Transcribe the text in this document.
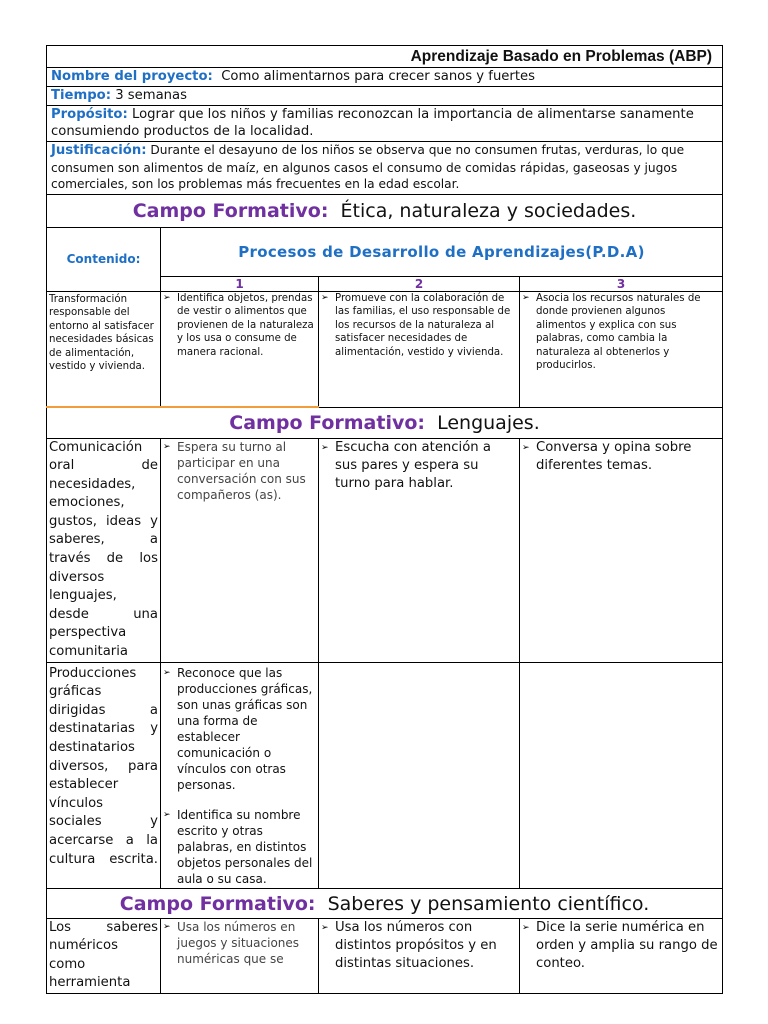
Aprendizaje Basado en Problemas (ABP)			
Nombre del proyecto: Como alimentarnos para crecer sanos y fuertes			
Tiempo: 3 semanas			
Propósito: Lograr que los niños y familias reconozcan la importancia de alimentarse sanamente consumiendo productos de la localidad.			
Justificación: Durante el desayuno de los niños se observa que no consumen frutas, verduras, lo que consumen son alimentos de maíz, en algunos casos el consumo de comidas rápidas, gaseosas y jugos comerciales, son los problemas más frecuentes en la edad escolar.			
Campo Formativo: Ética, naturaleza y sociedades.			
Contenido:	Procesos de Desarrollo de Aprendizajes(P.D.A)		
	1	2	3
Transformación responsable del entorno al satisfacer necesidades básicas de alimentación, vestido y vivienda.	➢ Identifica objetos, prendas de vestir o alimentos que provienen de la naturaleza y los usa o consume de manera racional.	➢ Promueve con la colaboración de las familias, el uso responsable de los recursos de la naturaleza al satisfacer necesidades de alimentación, vestido y vivienda.	➢ Asocia los recursos naturales de donde provienen algunos alimentos y explica con sus palabras, como cambia la naturaleza al obtenerlos y producirlos.

Campo Formativo: Lenguajes.			
Comunicación oral de necesidades, emociones, gustos, ideas y saberes, a través de los diversos lenguajes, desde una perspectiva comunitaria	➢ Espera su turno al participar en una conversación con sus compañeros (as).	➢ Escucha con atención a sus pares y espera su turno para hablar.	➢ Conversa y opina sobre diferentes temas.

Producciones gráficas dirigidas a destinatarias y destinatarios diversos, para establecer vínculos sociales y acercarse a la cultura escrita.	➢ Reconoce que las producciones gráficas, son unas gráficas son una forma de establecer comunicación o vínculos con otras personas.
➢ Identifica su nombre escrito y otras palabras, en distintos objetos personales del aula o su casa.		

Campo Formativo: Saberes y pensamiento científico.			
Los saberes numéricos como herramienta	➢ Usa los números en juegos y situaciones numéricas que se	➢ Usa los números con distintos propósitos y en distintas situaciones.	➢ Dice la serie numérica en orden y amplia su rango de conteo.
